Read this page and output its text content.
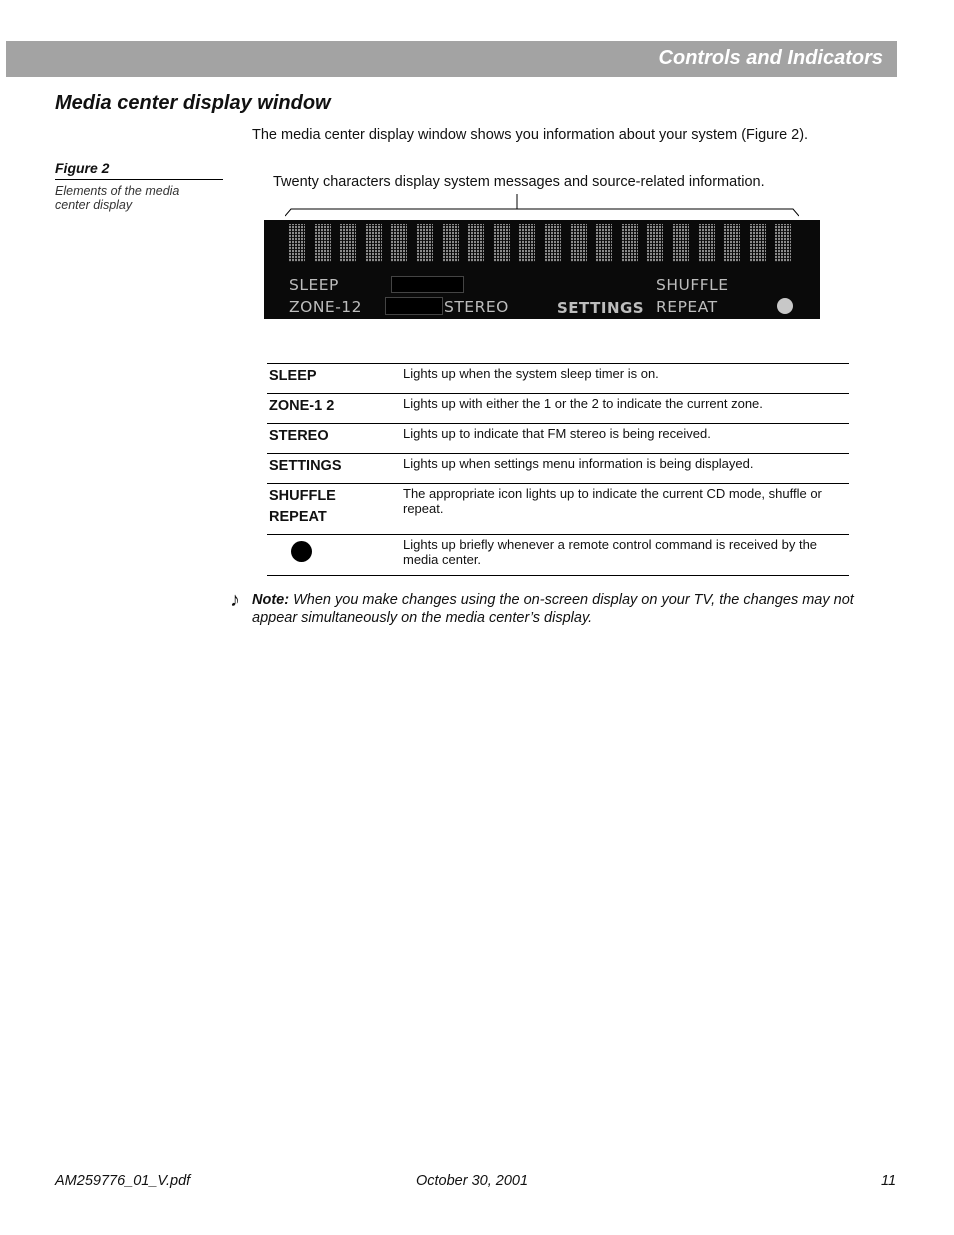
Controls and Indicators
Media center display window
The media center display window shows you information about your system (Figure 2).
Figure 2
Elements of the media center display
Twenty characters display system messages and source-related information.
SLEEP
ZONE-12	STEREO	SETTINGS
SHUFFLE
REPEAT
SLEEP	Lights up when the system sleep timer is on.
ZONE-1 2	Lights up with either the 1 or the 2 to indicate the current zone.
STEREO	Lights up to indicate that FM stereo is being received.
SETTINGS	Lights up when settings menu information is being displayed.

SHUFFLE
REPEAT	The appropriate icon lights up to indicate the current CD mode, shuffle or repeat.
	Lights up briefly whenever a remote control command is received by the media center.
♪ Note: When you make changes using the on-screen display on your TV, the changes may not appear simultaneously on the media center’s display.
AM259776_01_V.pdf	October 30, 2001	11
